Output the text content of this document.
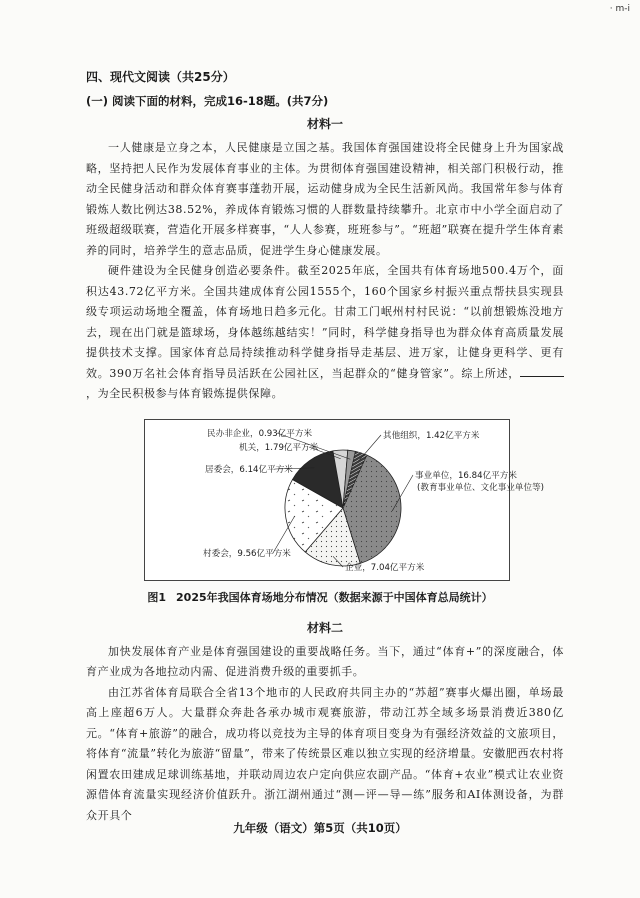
· m-i
四、现代文阅读（共25分）
(一) 阅读下面的材料，完成16-18题。(共7分)
材料一

一人健康是立身之本，人民健康是立国之基。我国体育强国建设将全民健身上升为国家战略，坚持把人民作为发展体育事业的主体。为贯彻体育强国建设精神，相关部门积极行动，推动全民健身活动和群众体育赛事蓬勃开展，运动健身成为全民生活新风尚。我国常年参与体育锻炼人数比例达38.52%，养成体育锻炼习惯的人群数量持续攀升。北京市中小学全面启动了班级超级联赛，营造化开展多样赛事，“人人参赛，班班参与”。“班超”联赛在提升学生体育素养的同时，培养学生的意志品质，促进学生身心健康发展。

硬件建设为全民健身创造必要条件。截至2025年底，全国共有体育场地500.4万个，面积达43.72亿平方米。全国共建成体育公园1555个，160个国家乡村振兴重点帮扶县实现县级专项运动场地全覆盖，体育场地日趋多元化。甘肃工门岷州村村民说：“以前想锻炼没地方去，现在出门就是篮球场，身体越练越结实！”同时，科学健身指导也为群众体育高质量发展提供技术支撑。国家体育总局持续推动科学健身指导走基层、进万家，让健身更科学、更有效。390万名社会体育指导员活跃在公园社区，当起群众的“健身管家”。综上所述，，为全民积极参与体育锻炼提供保障。

事业单位，16.84亿平方米
(教育事业单位、文化事业单位等)
企业，7.04亿平方米
村委会，9.56亿平方米
居委会，6.14亿平方米
机关，1.79亿平方米
民办非企业，0.93亿平方米	其他组织，1.42亿平方米
图1 2025年我国体育场地分布情况（数据来源于中国体育总局统计）
材料二

加快发展体育产业是体育强国建设的重要战略任务。当下，通过“体育+”的深度融合，体育产业成为各地拉动内需、促进消费升级的重要抓手。

由江苏省体育局联合全省13个地市的人民政府共同主办的“苏超”赛事火爆出圈，单场最高上座超6万人。大量群众奔赴各承办城市观赛旅游，带动江苏全域多场景消费近380亿元。“体育+旅游”的融合，成功将以竞技为主导的体育项目变身为有强经济效益的文旅项目，将体育“流量”转化为旅游“留量”，带来了传统景区难以独立实现的经济增量。安徽肥西农村将闲置农田建成足球训练基地，并联动周边农户定向供应农副产品。“体育+农业”模式让农业资源借体育流量实现经济价值跃升。浙江湖州通过“测—评—导—练”服务和AI体测设备，为群众开具个

九年级（语文）第5页（共10页）
